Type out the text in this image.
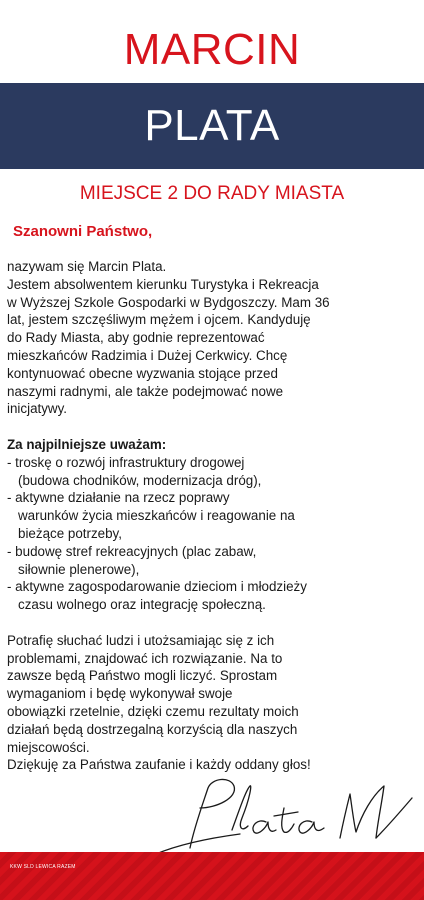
MARCIN
PLATA
MIEJSCE 2 DO RADY MIASTA
Szanowni Państwo,
nazywam się Marcin Plata.
Jestem absolwentem kierunku Turystyka i Rekreacja
w Wyższej Szkole Gospodarki w Bydgoszczy. Mam 36
lat, jestem szczęśliwym mężem i ojcem. Kandyduję
do Rady Miasta, aby godnie reprezentować
mieszkańców Radzimia i Dużej Cerkwicy. Chcę
kontynuować obecne wyzwania stojące przed
naszymi radnymi, ale także podejmować nowe
inicjatywy.
Za najpilniejsze uważam:
- troskę o rozwój infrastruktury drogowej
(budowa chodników, modernizacja dróg),
- aktywne działanie na rzecz poprawy
warunków życia mieszkańców i reagowanie na
bieżące potrzeby,
- budowę stref rekreacyjnych (plac zabaw,
siłownie plenerowe),
- aktywne zagospodarowanie dzieciom i młodzieży
czasu wolnego oraz integrację społeczną.
Potrafię słuchać ludzi i utożsamiając się z ich
problemami, znajdować ich rozwiązanie. Na to
zawsze będą Państwo mogli liczyć. Sprostam
wymaganiom i będę wykonywał swoje
obowiązki rzetelnie, dzięki czemu rezultaty moich
działań będą dostrzegalną korzyścią dla naszych
miejscowości.
Dziękuję za Państwa zaufanie i każdy oddany głos!
KKW SLD LEWICA RAZEM
